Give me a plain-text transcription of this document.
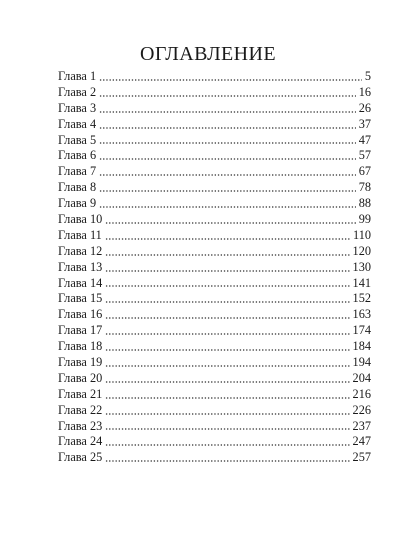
ОГЛАВЛЕНИЕ
Глава 1	5
Глава 2	16
Глава 3	26
Глава 4	37
Глава 5	47
Глава 6	57
Глава 7	67
Глава 8	78
Глава 9	88
Глава 10	99
Глава 11	110
Глава 12	120
Глава 13	130
Глава 14	141
Глава 15	152
Глава 16	163
Глава 17	174
Глава 18	184
Глава 19	194
Глава 20	204
Глава 21	216
Глава 22	226
Глава 23	237
Глава 24	247
Глава 25	257
